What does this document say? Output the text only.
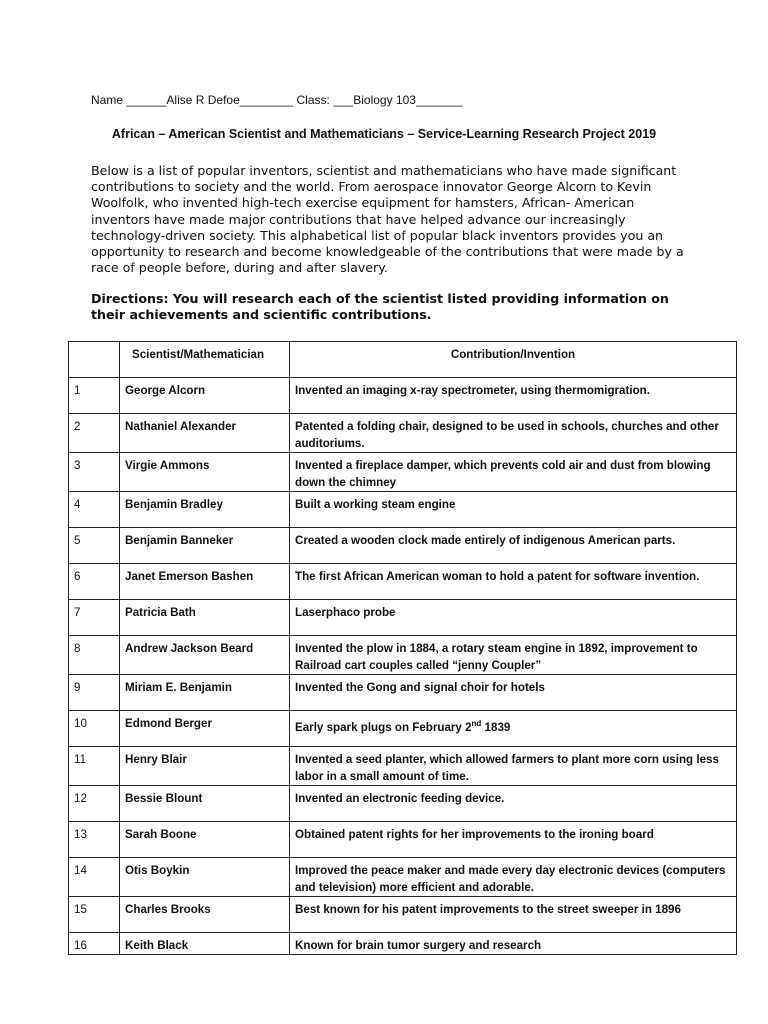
Name ______Alise R Defoe________ Class: ___Biology 103_______
African – American Scientist and Mathematicians – Service-Learning Research Project 2019
Below is a list of popular inventors, scientist and mathematicians who have made significant contributions to society and the world. From aerospace innovator George Alcorn to Kevin Woolfolk, who invented high-tech exercise equipment for hamsters, African- American inventors have made major contributions that have helped advance our increasingly technology-driven society. This alphabetical list of popular black inventors provides you an opportunity to research and become knowledgeable of the contributions that were made by a race of people before, during and after slavery.
Directions: You will research each of the scientist listed providing information on their achievements and scientific contributions.
	Scientist/Mathematician	Contribution/Invention
1	George Alcorn	Invented an imaging x-ray spectrometer, using thermomigration.
2	Nathaniel Alexander	Patented a folding chair, designed to be used in schools, churches and other auditoriums.
3	Virgie Ammons	Invented a fireplace damper, which prevents cold air and dust from blowing down the chimney
4	Benjamin Bradley	Built a working steam engine
5	Benjamin Banneker	Created a wooden clock made entirely of indigenous American parts.
6	Janet Emerson Bashen	The first African American woman to hold a patent for software invention.
7	Patricia Bath	Laserphaco probe
8	Andrew Jackson Beard	Invented the plow in 1884, a rotary steam engine in 1892, improvement to Railroad cart couples called “jenny Coupler”
9	Miriam E. Benjamin	Invented the Gong and signal choir for hotels
10	Edmond Berger	Early spark plugs on February 2nd 1839
11	Henry Blair	Invented a seed planter, which allowed farmers to plant more corn using less labor in a small amount of time.
12	Bessie Blount	Invented an electronic feeding device.
13	Sarah Boone	Obtained patent rights for her improvements to the ironing board
14	Otis Boykin	Improved the peace maker and made every day electronic devices (computers and television) more efficient and adorable.
15	Charles Brooks	Best known for his patent improvements to the street sweeper in 1896
16	Keith Black	Known for brain tumor surgery and research
